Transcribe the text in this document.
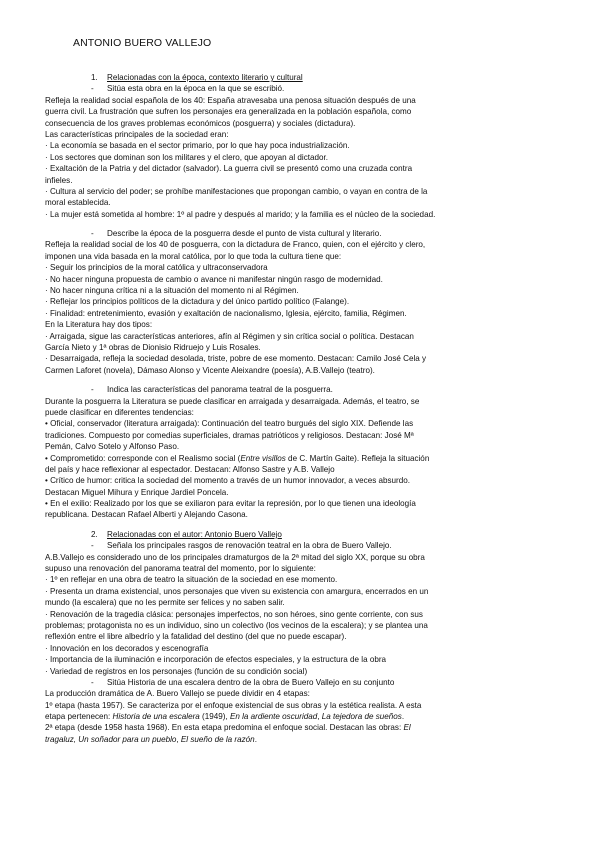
ANTONIO BUERO VALLEJO
1. Relacionadas con la época, contexto literario y cultural
- Sitúa esta obra en la época en la que se escribió.
Refleja la realidad social española de los 40: España atravesaba una penosa situación después de una
guerra civil. La frustración que sufren los personajes era generalizada en la población española, como
consecuencia de los graves problemas económicos (posguerra) y sociales (dictadura).
Las características principales de la sociedad eran:
· La economía se basada en el sector primario, por lo que hay poca industrialización.
· Los sectores que dominan son los militares y el clero, que apoyan al dictador.
· Exaltación de la Patria y del dictador (salvador). La guerra civil se presentó como una cruzada contra
infieles.
· Cultura al servicio del poder; se prohíbe manifestaciones que propongan cambio, o vayan en contra de la
moral establecida.
· La mujer está sometida al hombre: 1º al padre y después al marido; y la familia es el núcleo de la sociedad.
- Describe la época de la posguerra desde el punto de vista cultural y literario.
Refleja la realidad social de los 40 de posguerra, con la dictadura de Franco, quien, con el ejército y clero,
imponen una vida basada en la moral católica, por lo que toda la cultura tiene que:
· Seguir los principios de la moral católica y ultraconservadora
· No hacer ninguna propuesta de cambio o avance ni manifestar ningún rasgo de modernidad.
· No hacer ninguna crítica ni a la situación del momento ni al Régimen.
· Reflejar los principios políticos de la dictadura y del único partido político (Falange).
· Finalidad: entretenimiento, evasión y exaltación de nacionalismo, Iglesia, ejército, familia, Régimen.
En la Literatura hay dos tipos:
· Arraigada, sigue las características anteriores, afín al Régimen y sin crítica social o política. Destacan
García Nieto y 1ª obras de Dionisio Ridruejo y Luis Rosales.
· Desarraigada, refleja la sociedad desolada, triste, pobre de ese momento. Destacan: Camilo José Cela y
Carmen Laforet (novela), Dámaso Alonso y Vicente Aleixandre (poesía), A.B.Vallejo (teatro).
- Indica las características del panorama teatral de la posguerra.
Durante la posguerra la Literatura se puede clasificar en arraigada y desarraigada. Además, el teatro, se
puede clasificar en diferentes tendencias:
• Oficial, conservador (literatura arraigada): Continuación del teatro burgués del siglo XIX. Defiende las
tradiciones. Compuesto por comedias superficiales, dramas patrióticos y religiosos. Destacan: José Mª
Pemán, Calvo Sotelo y Alfonso Paso.
• Comprometido: corresponde con el Realismo social (Entre visillos de C. Martín Gaite). Refleja la situación
del país y hace reflexionar al espectador. Destacan: Alfonso Sastre y A.B. Vallejo
• Crítico de humor: critica la sociedad del momento a través de un humor innovador, a veces absurdo.
Destacan Miguel Mihura y Enrique Jardiel Poncela.
• En el exilio: Realizado por los que se exiliaron para evitar la represión, por lo que tienen una ideología
republicana. Destacan Rafael Alberti y Alejando Casona.
2. Relacionadas con el autor: Antonio Buero Vallejo
- Señala los principales rasgos de renovación teatral en la obra de Buero Vallejo.
A.B.Vallejo es considerado uno de los principales dramaturgos de la 2ª mitad del siglo XX, porque su obra
supuso una renovación del panorama teatral del momento, por lo siguiente:
· 1º en reflejar en una obra de teatro la situación de la sociedad en ese momento.
· Presenta un drama existencial, unos personajes que viven su existencia con amargura, encerrados en un
mundo (la escalera) que no les permite ser felices y no saben salir.
· Renovación de la tragedia clásica: personajes imperfectos, no son héroes, sino gente corriente, con sus
problemas; protagonista no es un individuo, sino un colectivo (los vecinos de la escalera); y se plantea una
reflexión entre el libre albedrío y la fatalidad del destino (del que no puede escapar).
· Innovación en los decorados y escenografía
· Importancia de la iluminación e incorporación de efectos especiales, y la estructura de la obra
· Variedad de registros en los personajes (función de su condición social)
- Sitúa Historia de una escalera dentro de la obra de Buero Vallejo en su conjunto
La producción dramática de A. Buero Vallejo se puede dividir en 4 etapas:
1º etapa (hasta 1957). Se caracteriza por el enfoque existencial de sus obras y la estética realista. A esta
etapa pertenecen: Historia de una escalera (1949), En la ardiente oscuridad, La tejedora de sueños.
2ª etapa (desde 1958 hasta 1968). En esta etapa predomina el enfoque social. Destacan las obras: El
tragaluz, Un soñador para un pueblo, El sueño de la razón.
